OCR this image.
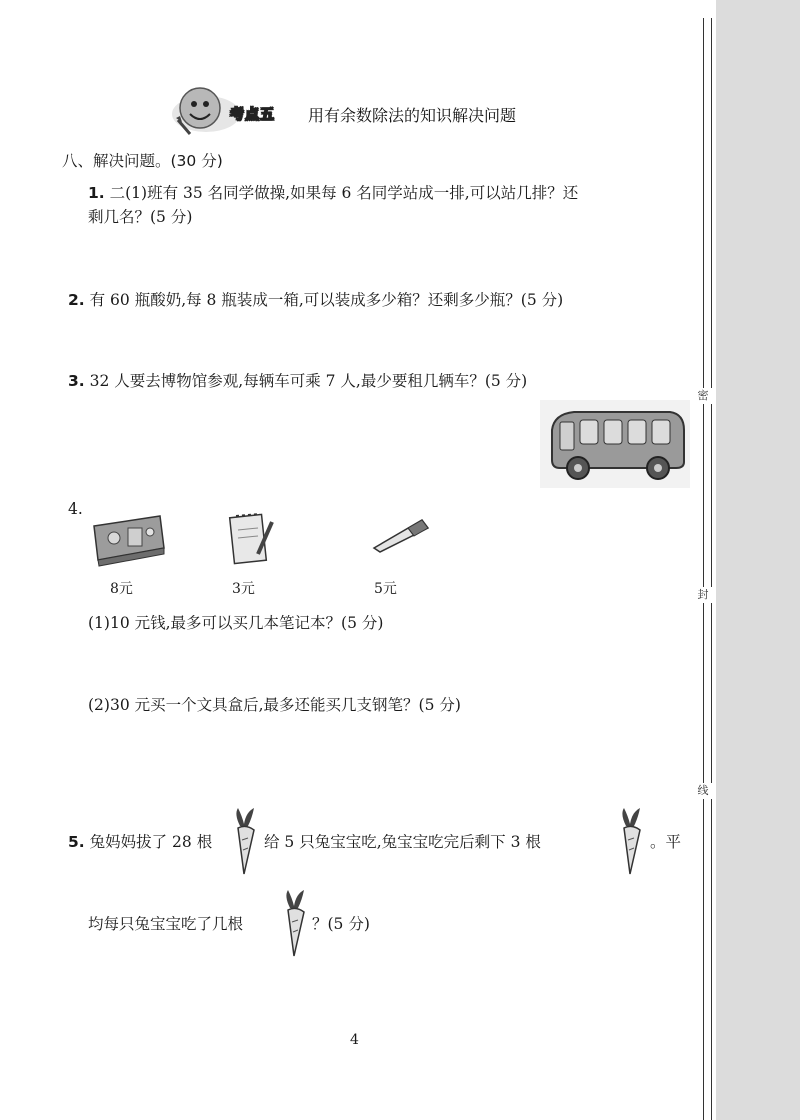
密
封
线
考点五 用有余数除法的知识解决问题
八、解决问题。(30 分)
1. 二(1)班有 35 名同学做操,如果每 6 名同学站成一排,可以站几排？还
剩几名？(5 分)
2. 有 60 瓶酸奶,每 8 瓶装成一箱,可以装成多少箱？还剩多少瓶？(5 分)
3. 32 人要去博物馆参观,每辆车可乘 7 人,最少要租几辆车？(5 分)
4.
8元	3元	5元
(1)10 元钱,最多可以买几本笔记本？(5 分)
(2)30 元买一个文具盒后,最多还能买几支钢笔？(5 分)
5. 兔妈妈拔了 28 根	给 5 只兔宝宝吃,兔宝宝吃完后剩下 3 根	。平
均每只兔宝宝吃了几根	？(5 分)
4
